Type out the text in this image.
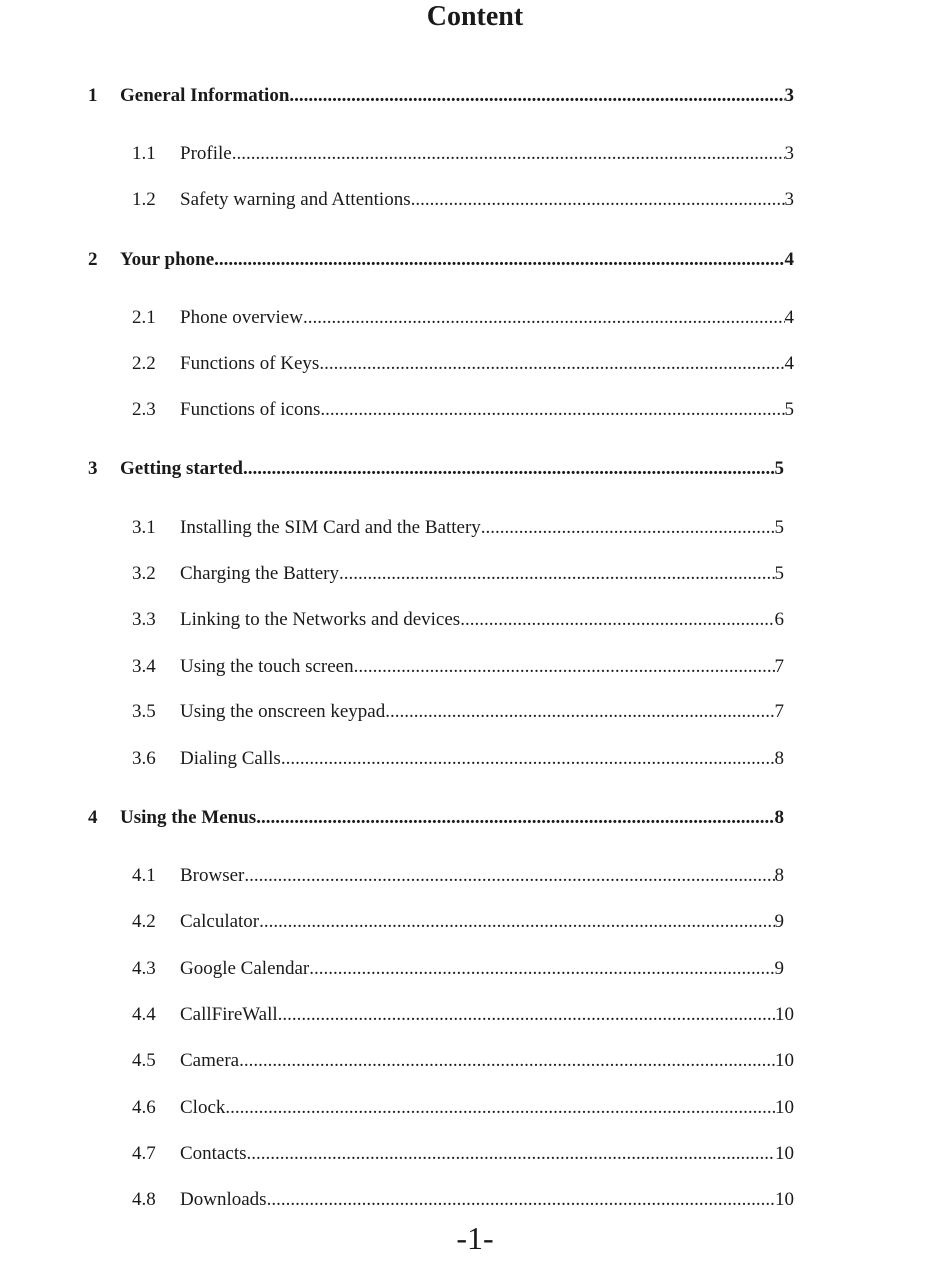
Content
1	General Information .....	3
1.1	Profile .....	3
1.2	Safety warning and Attentions .....	3
2	Your phone .....	4
2.1	Phone overview .....	4
2.2	Functions of Keys .....	4
2.3	Functions of icons .....	5
3	Getting started .....	5
3.1	Installing the SIM Card and the Battery .....	5
3.2	Charging the Battery .....	5
3.3	Linking to the Networks and devices .....	6
3.4	Using the touch screen .....	7
3.5	Using the onscreen keypad .....	7
3.6	Dialing Calls .....	8
4	Using the Menus .....	8
4.1	Browser .....	8
4.2	Calculator .....	9
4.3	Google Calendar .....	9
4.4	CallFireWall .....	10
4.5	Camera .....	10
4.6	Clock .....	10
4.7	Contacts .....	10
4.8	Downloads .....	10
-1-
